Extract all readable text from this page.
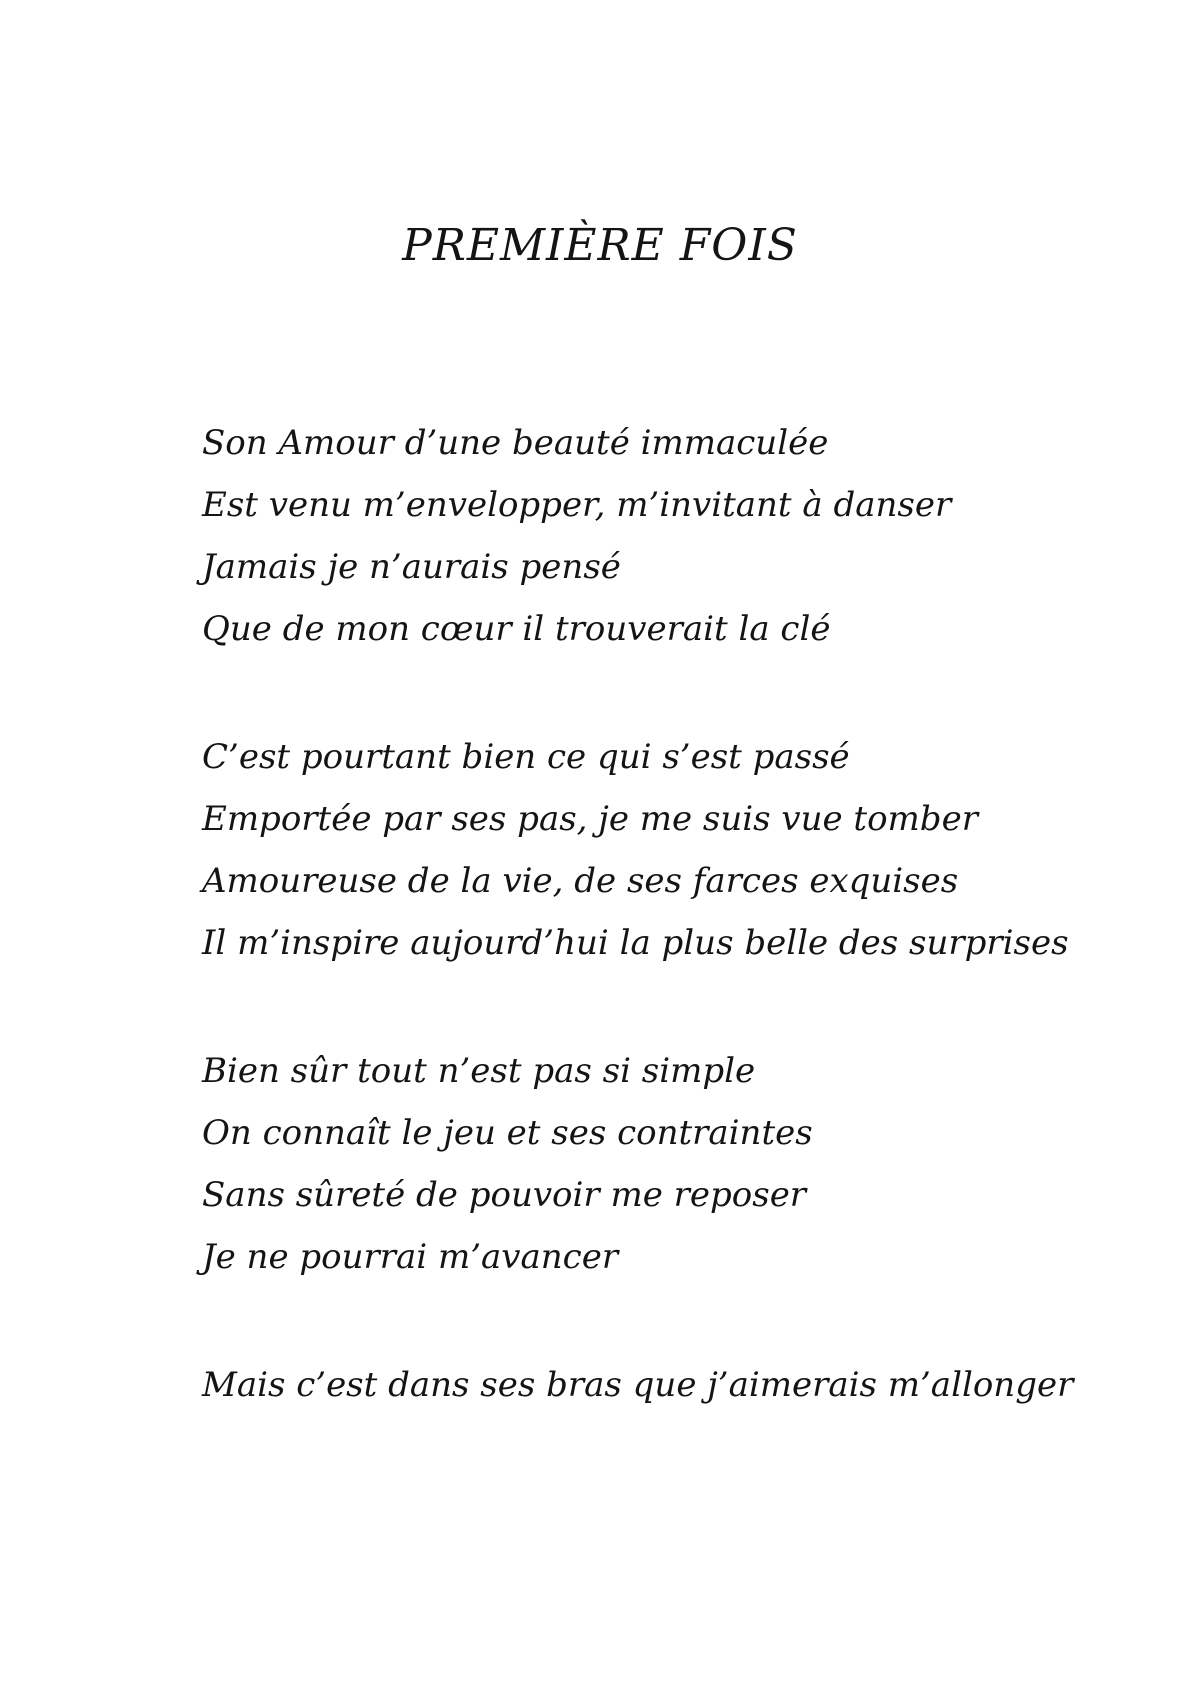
PREMIÈRE FOIS
Son Amour d’une beauté immaculée
Est venu m’envelopper, m’invitant à danser
Jamais je n’aurais pensé
Que de mon cœur il trouverait la clé
C’est pourtant bien ce qui s’est passé
Emportée par ses pas, je me suis vue tomber
Amoureuse de la vie, de ses farces exquises
Il m’inspire aujourd’hui la plus belle des surprises
Bien sûr tout n’est pas si simple
On connaît le jeu et ses contraintes
Sans sûreté de pouvoir me reposer
Je ne pourrai m’avancer
Mais c’est dans ses bras que j’aimerais m’allonger
